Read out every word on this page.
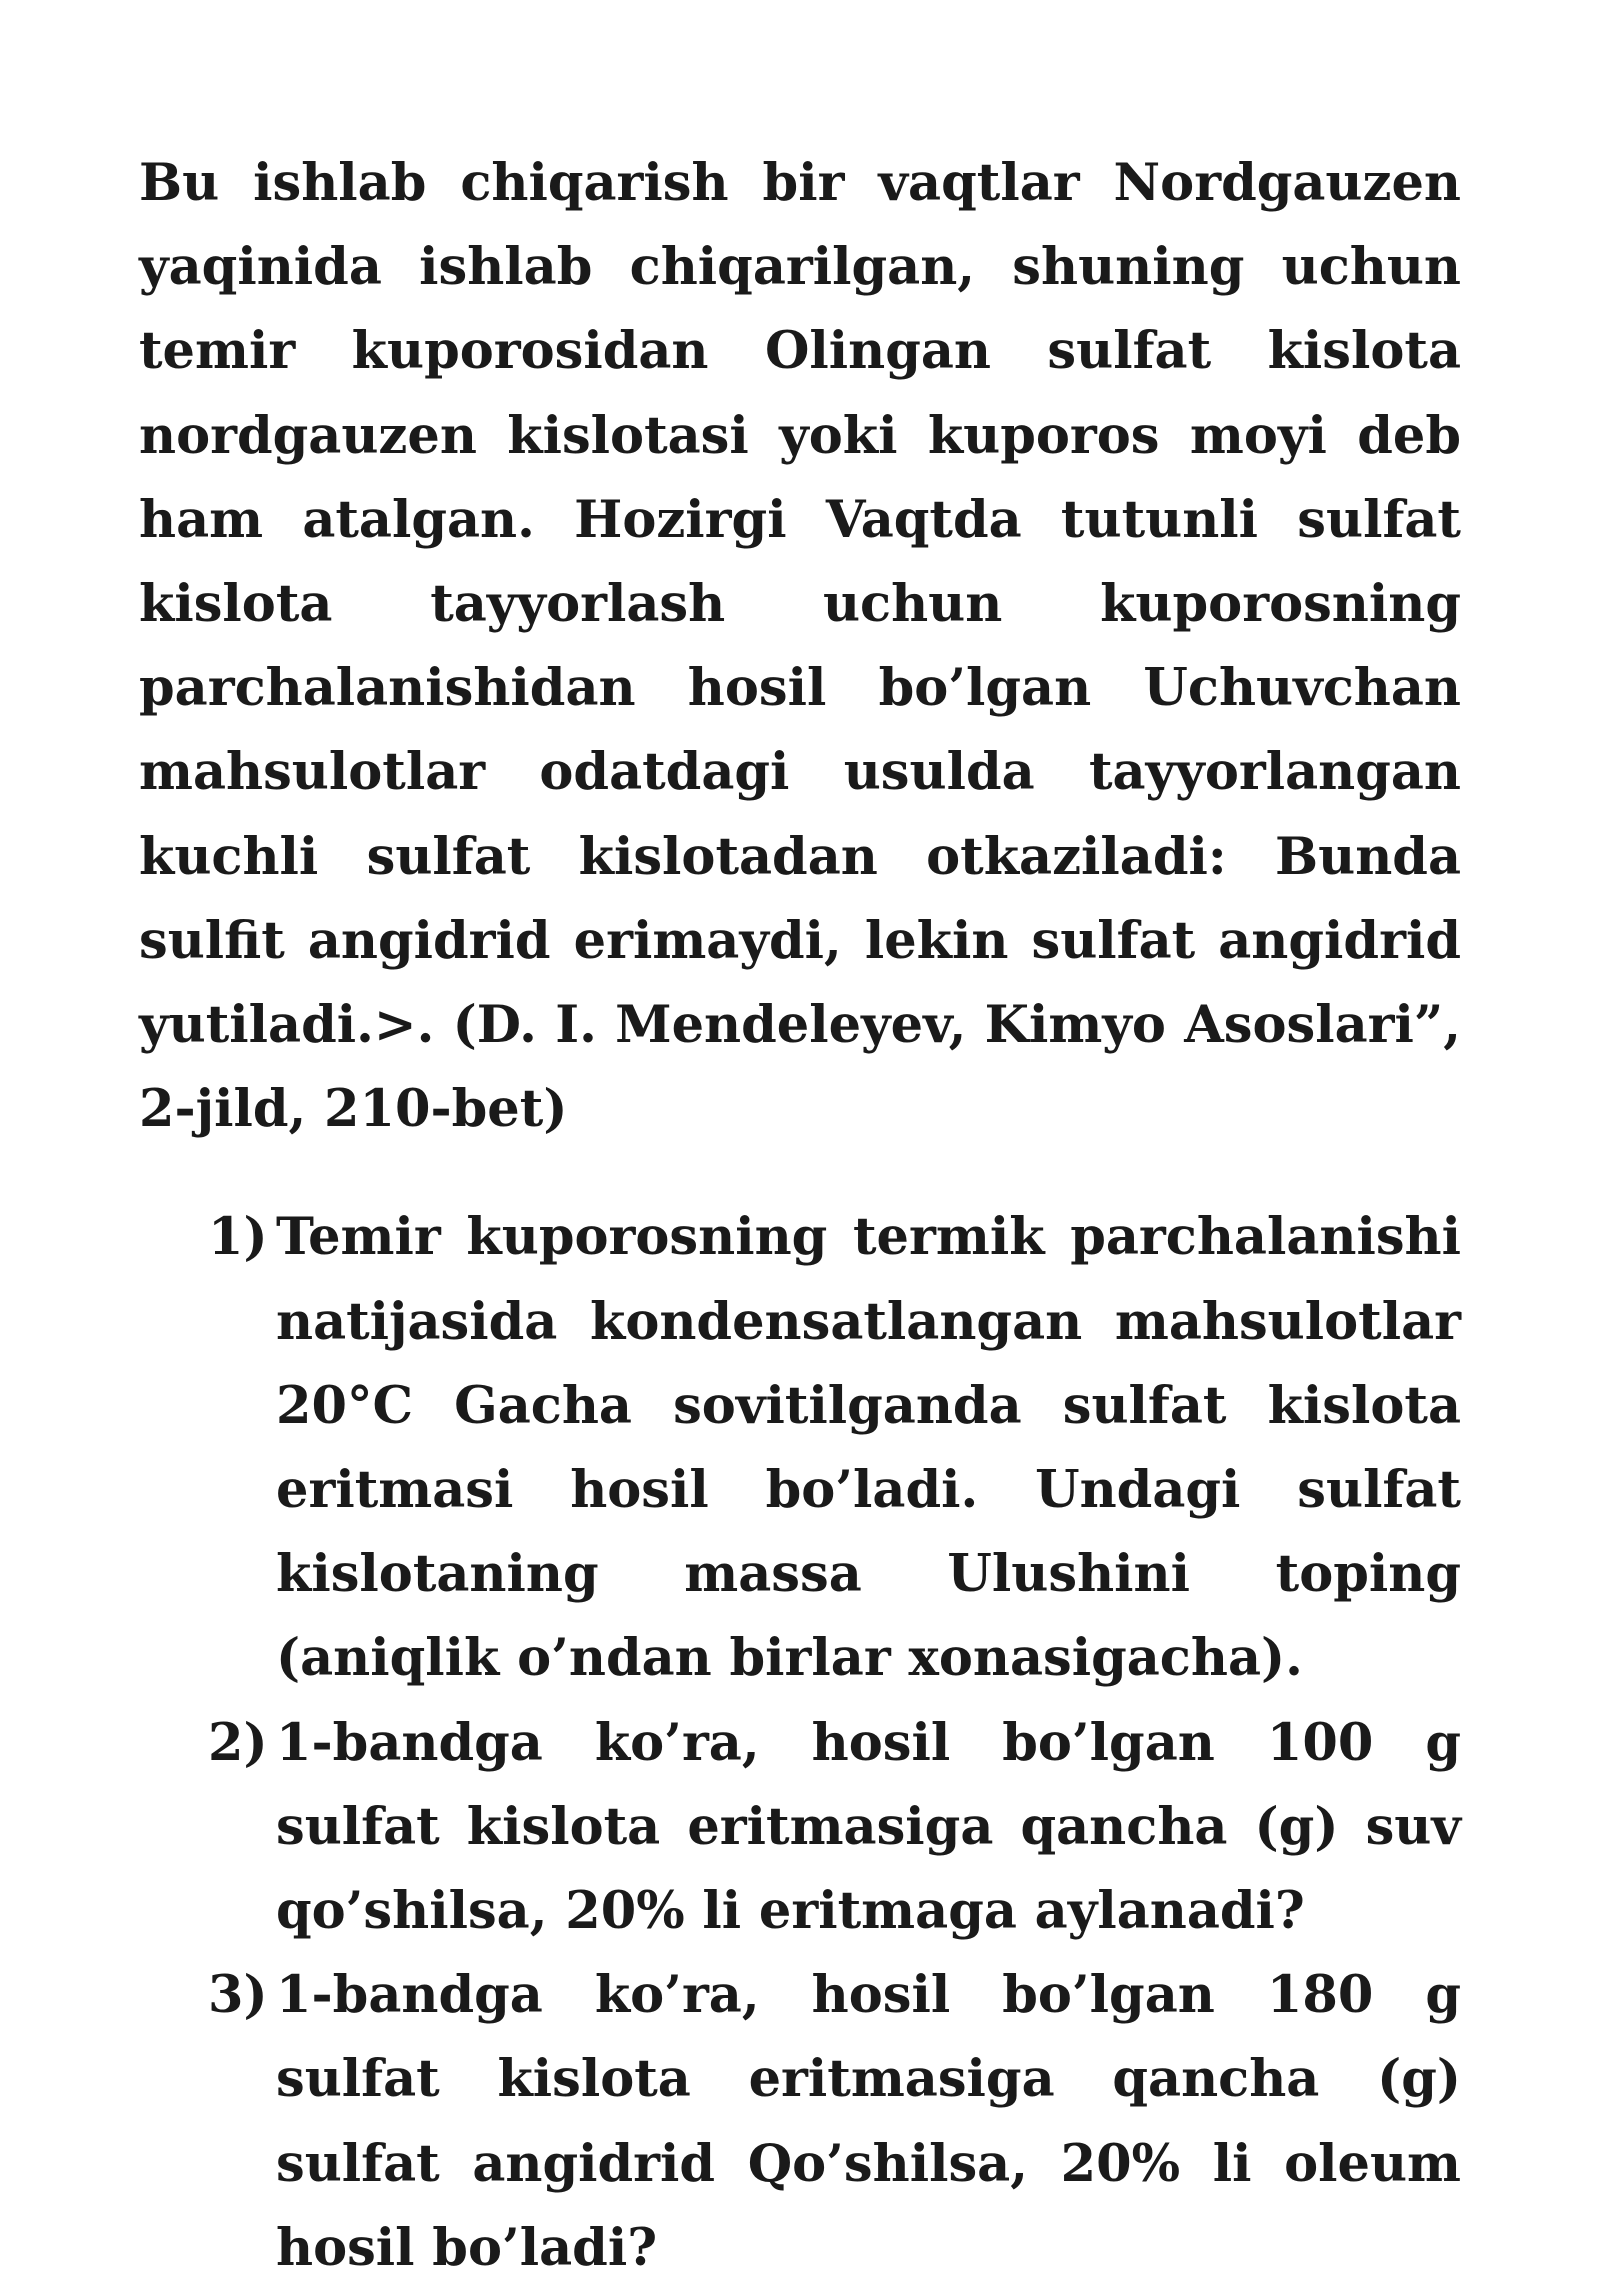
Bu ishlab chiqarish bir vaqtlar Nordgauzen yaqinida ishlab chiqarilgan, shuning uchun temir kuporosidan Olingan sulfat kislota nordgauzen kislotasi yoki kuporos moyi deb ham atalgan. Hozirgi Vaqtda tutunli sulfat kislota tayyorlash uchun kuporosning parchalanishidan hosil bo’lgan Uchuvchan mahsulotlar odatdagi usulda tayyorlangan kuchli sulfat kislotadan otkaziladi: Bunda sulfit angidrid erimaydi, lekin sulfat angidrid yutiladi.>. (D. I. Mendeleyev, Kimyo Asoslari”, 2-jild, 210-bet)

1) Temir kuporosning termik parchalanishi natijasida kondensatlangan mahsulotlar 20°C Gacha sovitilganda sulfat kislota eritmasi hosil bo’ladi. Undagi sulfat kislotaning massa Ulushini toping (aniqlik o’ndan birlar xonasigacha).
2) 1-bandga ko’ra, hosil bo’lgan 100 g sulfat kislota eritmasiga qancha (g) suv qo’shilsa, 20% li eritmaga aylanadi?
3) 1-bandga ko’ra, hosil bo’lgan 180 g sulfat kislota eritmasiga qancha (g) sulfat angidrid Qo’shilsa, 20% li oleum hosil bo’ladi?
